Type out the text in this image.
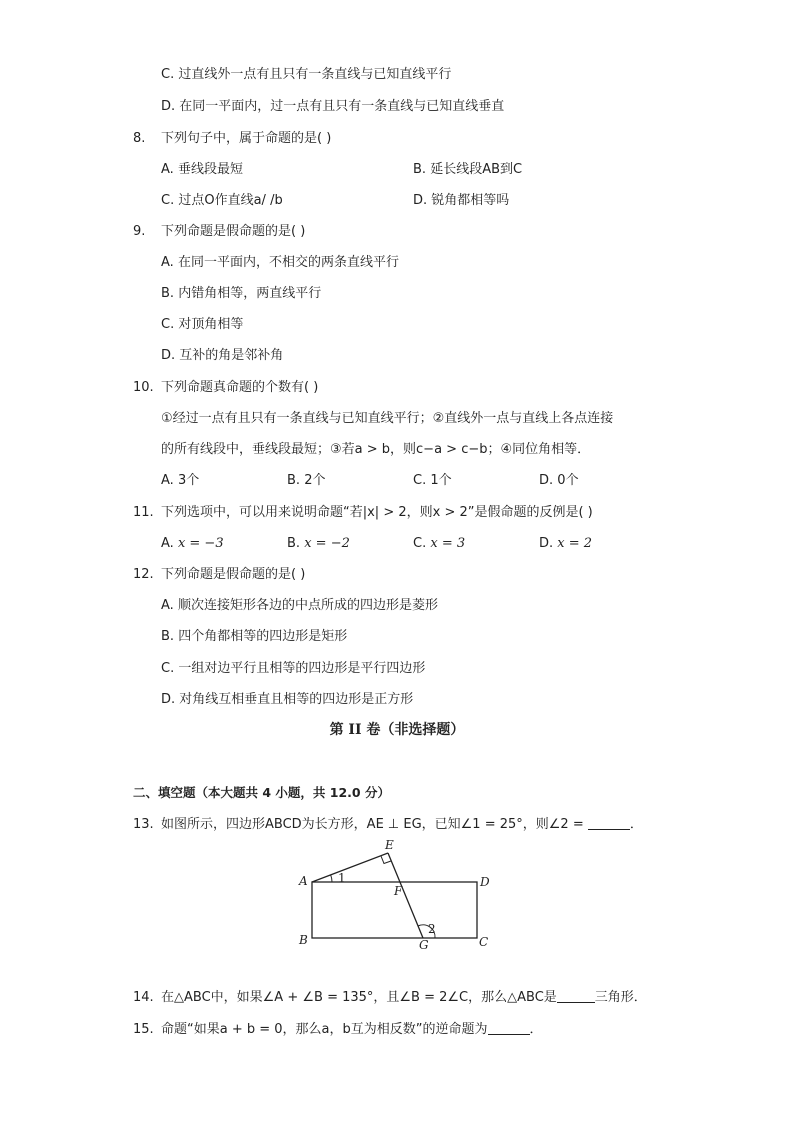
C. 过直线外一点有且只有一条直线与已知直线平行
D. 在同一平面内，过一点有且只有一条直线与已知直线垂直
8. 下列句子中，属于命题的是( )
A. 垂线段最短	B. 延长线段AB到C
C. 过点O作直线a/ /b	D. 锐角都相等吗
9. 下列命题是假命题的是( )
A. 在同一平面内，不相交的两条直线平行
B. 内错角相等，两直线平行
C. 对顶角相等
D. 互补的角是邻补角
10. 下列命题真命题的个数有( )
①经过一点有且只有一条直线与已知直线平行；②直线外一点与直线上各点连接
的所有线段中，垂线段最短；③若a > b，则c−a > c−b；④同位角相等．
A. 3个	B. 2个	C. 1个	D. 0个
11. 下列选项中，可以用来说明命题“若|x| > 2，则x > 2”是假命题的反例是( )
A. x = −3	B. x = −2	C. x = 3	D. x = 2
12. 下列命题是假命题的是( )
A. 顺次连接矩形各边的中点所成的四边形是菱形
B. 四个角都相等的四边形是矩形
C. 一组对边平行且相等的四边形是平行四边形
D. 对角线互相垂直且相等的四边形是正方形
第 II 卷（非选择题）
二、填空题（本大题共 4 小题，共 12.0 分）
13. 如图所示，四边形ABCD为长方形，AE ⊥ EG，已知∠1 = 25°，则∠2 =	．
A
B	C
D
E
F
G
1
2
14. 在△ABC中，如果∠A + ∠B = 135°，且∠B = 2∠C，那么△ABC是	三角形．
15. 命题“如果a + b = 0，那么a，b互为相反数”的逆命题为	．
